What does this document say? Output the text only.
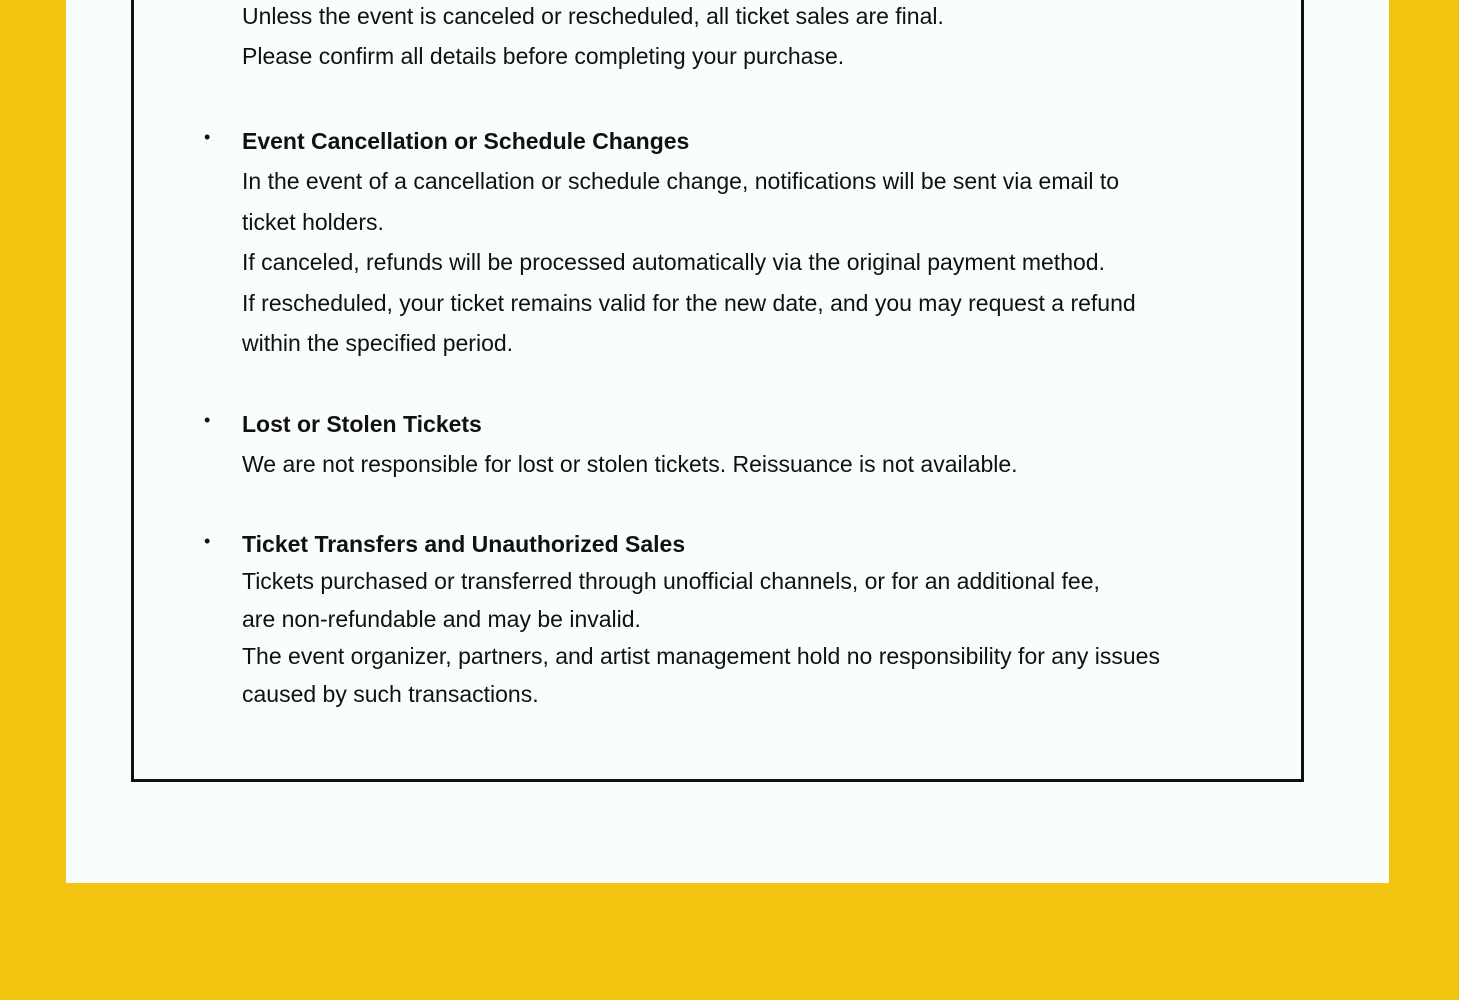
Unless the event is canceled or rescheduled, all ticket sales are final.

Please confirm all details before completing your purchase.

• Event Cancellation or Schedule Changes

In the event of a cancellation or schedule change, notifications will be sent via email to

ticket holders.

If canceled, refunds will be processed automatically via the original payment method.

If rescheduled, your ticket remains valid for the new date, and you may request a refund

within the specified period.

• Lost or Stolen Tickets

We are not responsible for lost or stolen tickets. Reissuance is not available.

• Ticket Transfers and Unauthorized Sales

Tickets purchased or transferred through unofficial channels, or for an additional fee,

are non-refundable and may be invalid.

The event organizer, partners, and artist management hold no responsibility for any issues

caused by such transactions.
